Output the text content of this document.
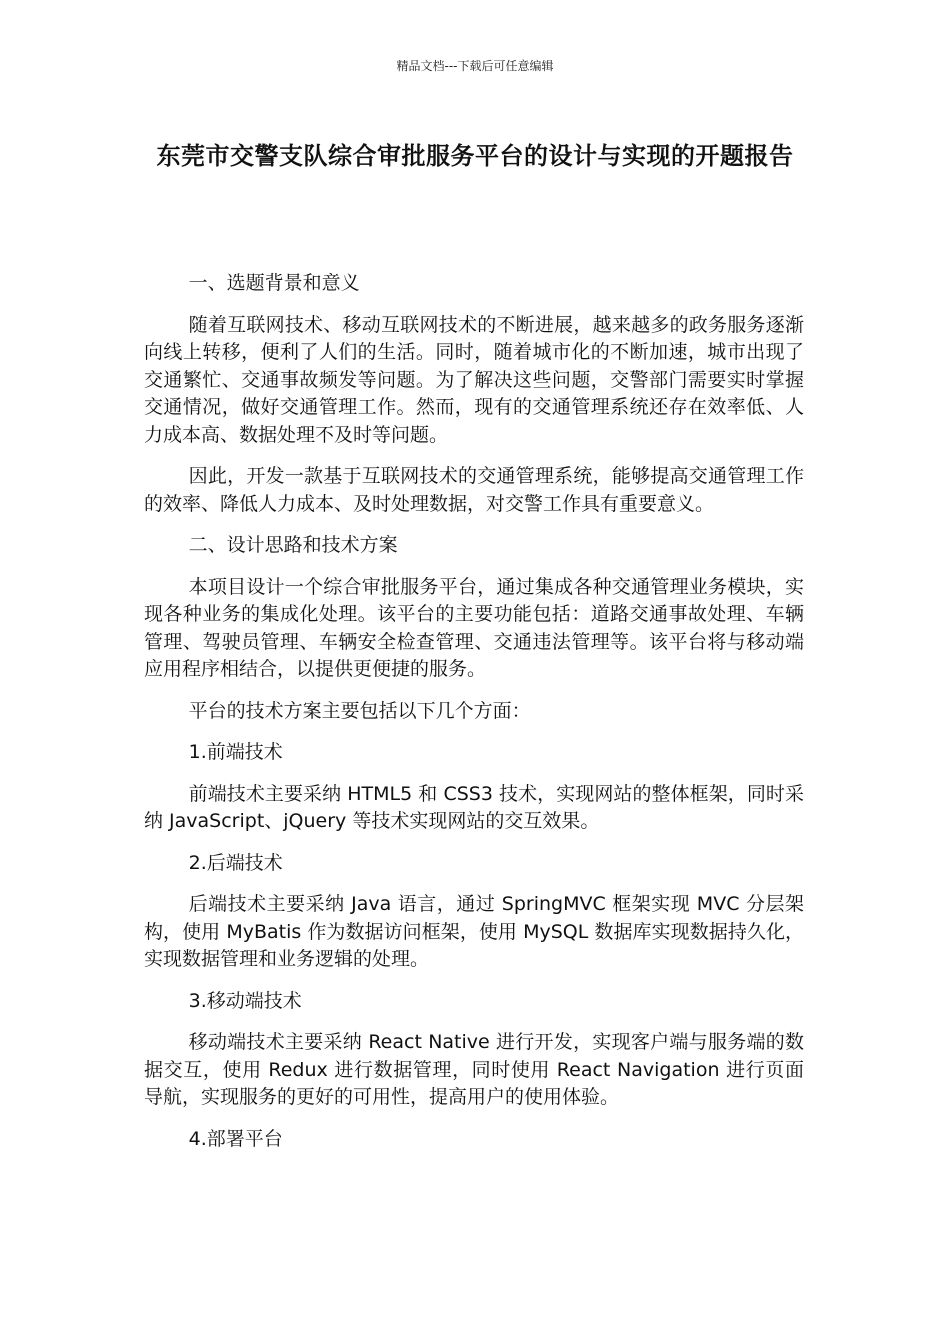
精品文档---下载后可任意编辑
东莞市交警支队综合审批服务平台的设计与实现的开题报告

一、选题背景和意义

随着互联网技术、移动互联网技术的不断进展，越来越多的政务服务逐渐向线上转移，便利了人们的生活。同时，随着城市化的不断加速，城市出现了交通繁忙、交通事故频发等问题。为了解决这些问题，交警部门需要实时掌握交通情况，做好交通管理工作。然而，现有的交通管理系统还存在效率低、人力成本高、数据处理不及时等问题。

因此，开发一款基于互联网技术的交通管理系统，能够提高交通管理工作的效率、降低人力成本、及时处理数据，对交警工作具有重要意义。

二、设计思路和技术方案

本项目设计一个综合审批服务平台，通过集成各种交通管理业务模块，实现各种业务的集成化处理。该平台的主要功能包括：道路交通事故处理、车辆管理、驾驶员管理、车辆安全检查管理、交通违法管理等。该平台将与移动端应用程序相结合，以提供更便捷的服务。

平台的技术方案主要包括以下几个方面：

1.前端技术

前端技术主要采纳 HTML5 和 CSS3 技术，实现网站的整体框架，同时采纳 JavaScript、jQuery 等技术实现网站的交互效果。

2.后端技术

后端技术主要采纳 Java 语言，通过 SpringMVC 框架实现 MVC 分层架构，使用 MyBatis 作为数据访问框架，使用 MySQL 数据库实现数据持久化，实现数据管理和业务逻辑的处理。

3.移动端技术

移动端技术主要采纳 React Native 进行开发，实现客户端与服务端的数据交互，使用 Redux 进行数据管理，同时使用 React Navigation 进行页面导航，实现服务的更好的可用性，提高用户的使用体验。

4.部署平台
